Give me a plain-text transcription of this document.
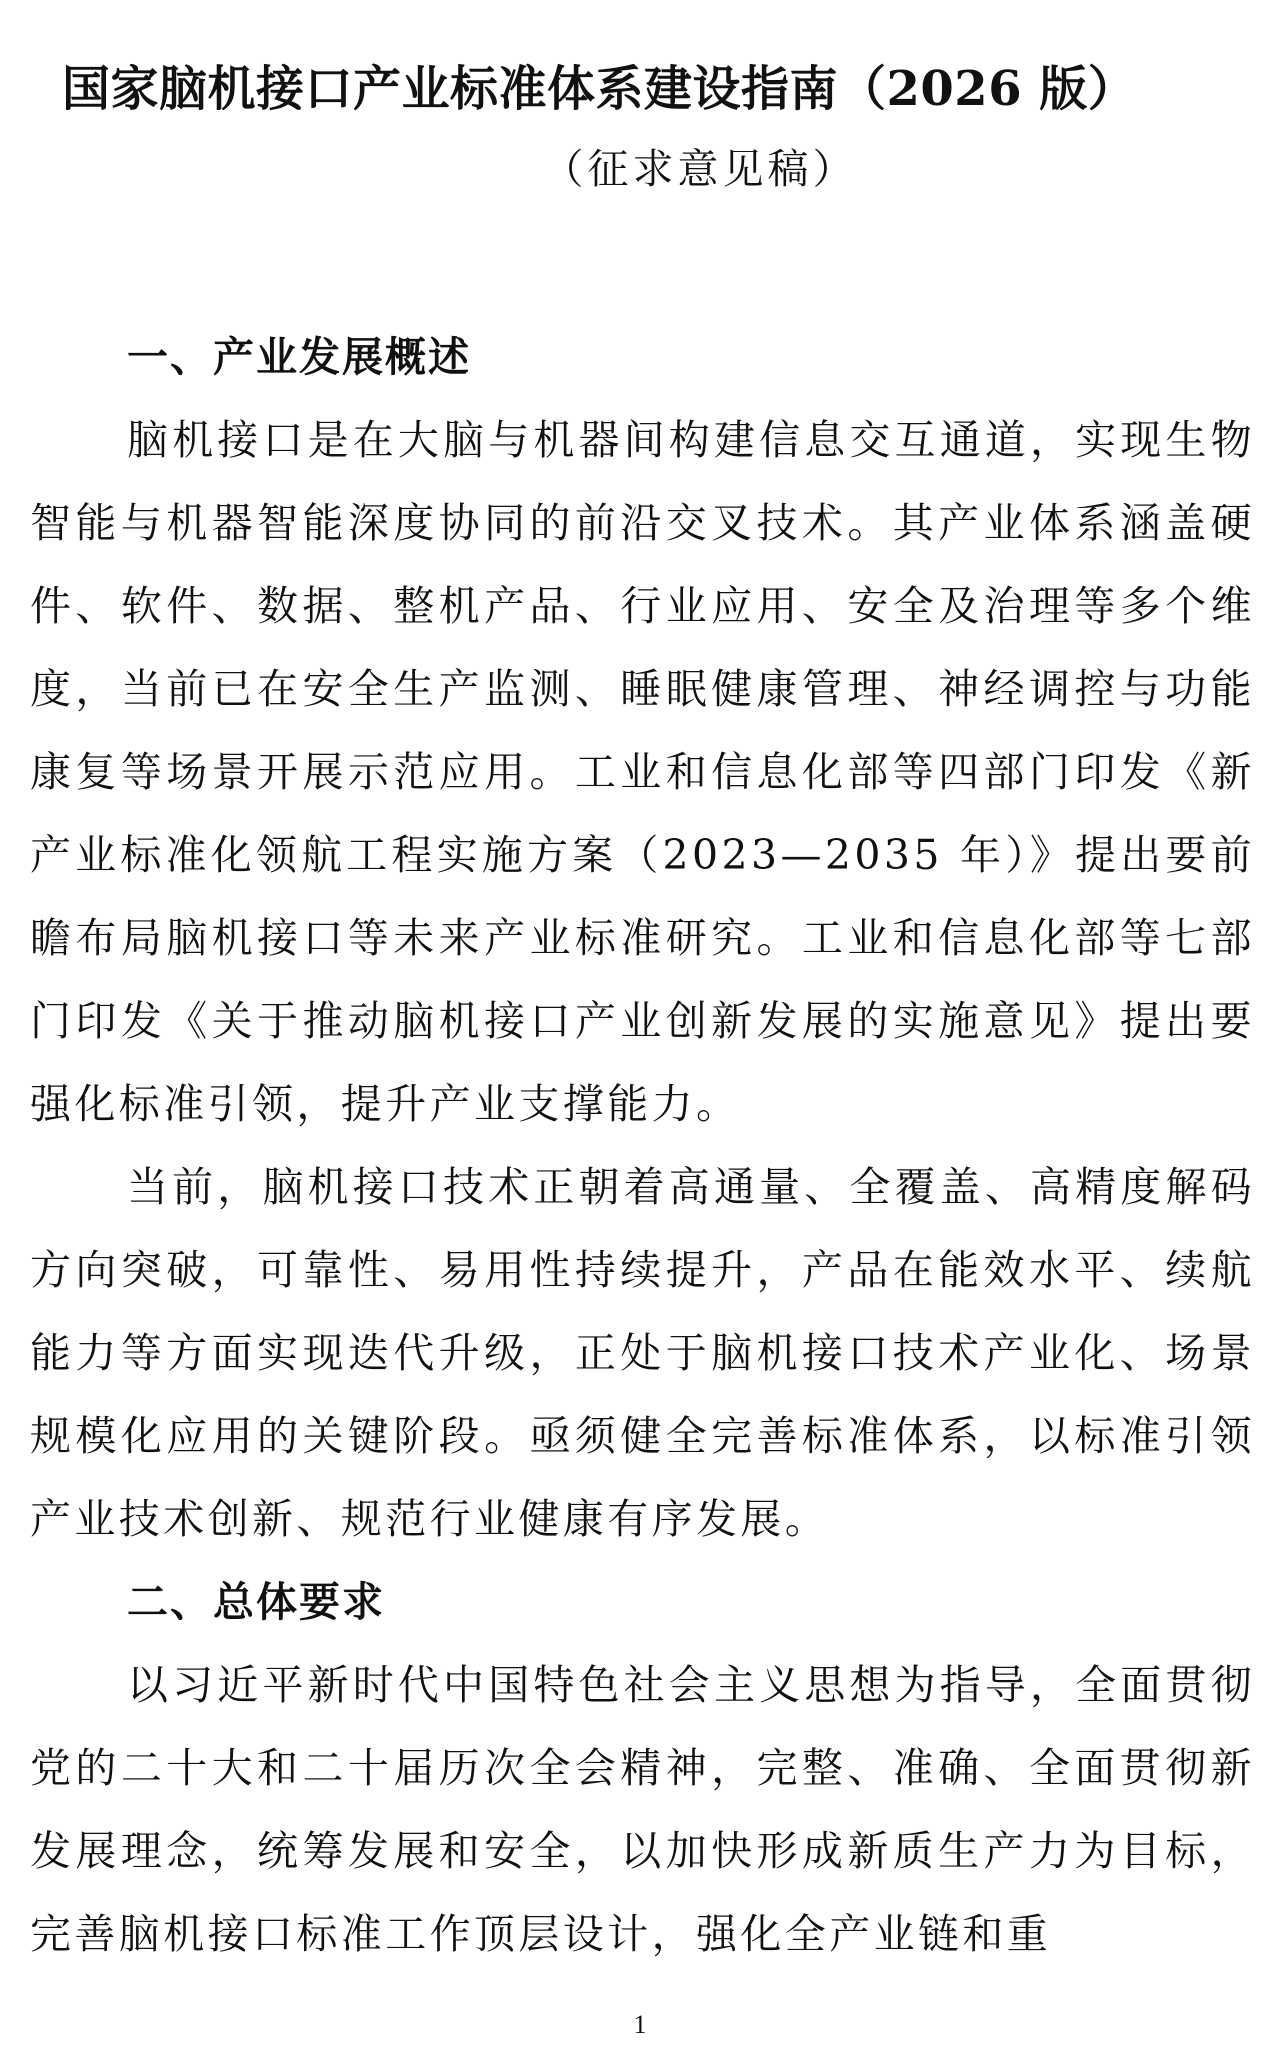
国家脑机接口产业标准体系建设指南（2026 版）
（征求意见稿）
一、产业发展概述

脑机接口是在大脑与机器间构建信息交互通道，实现生物智能与机器智能深度协同的前沿交叉技术。其产业体系涵盖硬件、软件、数据、整机产品、行业应用、安全及治理等多个维度，当前已在安全生产监测、睡眠健康管理、神经调控与功能康复等场景开展示范应用。工业和信息化部等四部门印发《新产业标准化领航工程实施方案（2023—2035 年）》提出要前瞻布局脑机接口等未来产业标准研究。工业和信息化部等七部门印发《关于推动脑机接口产业创新发展的实施意见》提出要强化标准引领，提升产业支撑能力。

当前，脑机接口技术正朝着高通量、全覆盖、高精度解码方向突破，可靠性、易用性持续提升，产品在能效水平、续航能力等方面实现迭代升级，正处于脑机接口技术产业化、场景规模化应用的关键阶段。亟须健全完善标准体系，以标准引领产业技术创新、规范行业健康有序发展。

二、总体要求

以习近平新时代中国特色社会主义思想为指导，全面贯彻党的二十大和二十届历次全会精神，完整、准确、全面贯彻新发展理念，统筹发展和安全，以加快形成新质生产力为目标，完善脑机接口标准工作顶层设计，强化全产业链和重

1
